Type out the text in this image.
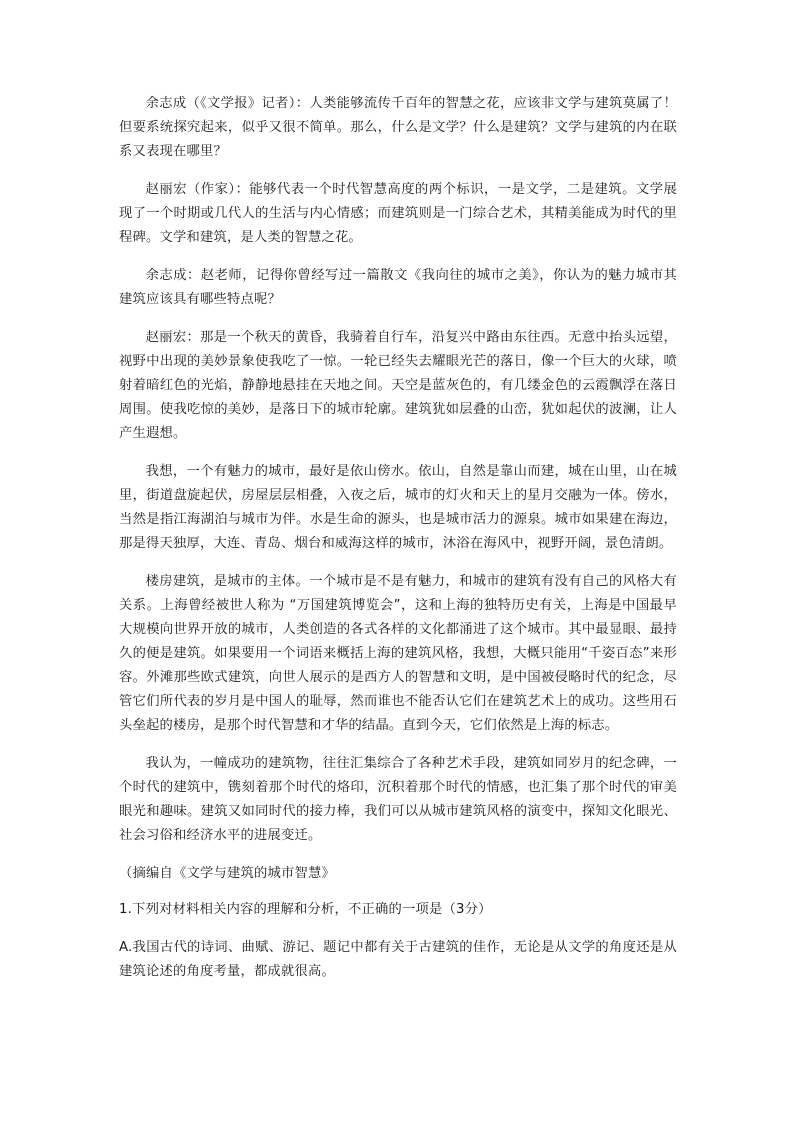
余志成（《文学报》记者）：人类能够流传千百年的智慧之花，应该非文学与建筑莫属了！但要系统探究起来，似乎又很不简单。那么，什么是文学？什么是建筑？文学与建筑的内在联系又表现在哪里？

赵丽宏（作家）：能够代表一个时代智慧高度的两个标识，一是文学，二是建筑。文学展现了一个时期或几代人的生活与内心情感；而建筑则是一门综合艺术，其精美能成为时代的里程碑。文学和建筑，是人类的智慧之花。

余志成：赵老师，记得你曾经写过一篇散文《我向往的城市之美》，你认为的魅力城市其建筑应该具有哪些特点呢？

赵丽宏：那是一个秋天的黄昏，我骑着自行车，沿复兴中路由东往西。无意中抬头远望，视野中出现的美妙景象使我吃了一惊。一轮已经失去耀眼光芒的落日，像一个巨大的火球，喷射着暗红色的光焰，静静地悬挂在天地之间。天空是蓝灰色的，有几缕金色的云霞飘浮在落日周围。使我吃惊的美妙，是落日下的城市轮廓。建筑犹如层叠的山峦，犹如起伏的波澜，让人产生遐想。

我想，一个有魅力的城市，最好是依山傍水。依山，自然是靠山而建，城在山里，山在城里，街道盘旋起伏，房屋层层相叠，入夜之后，城市的灯火和天上的星月交融为一体。傍水，当然是指江海湖泊与城市为伴。水是生命的源头，也是城市活力的源泉。城市如果建在海边，那是得天独厚，大连、青岛、烟台和威海这样的城市，沐浴在海风中，视野开阔，景色清朗。

楼房建筑，是城市的主体。一个城市是不是有魅力，和城市的建筑有没有自己的风格大有关系。上海曾经被世人称为 “万国建筑博览会”，这和上海的独特历史有关，上海是中国最早大规模向世界开放的城市，人类创造的各式各样的文化都涌进了这个城市。其中最显眼、最持久的便是建筑。如果要用一个词语来概括上海的建筑风格，我想，大概只能用“千姿百态”来形容。外滩那些欧式建筑，向世人展示的是西方人的智慧和文明，是中国被侵略时代的纪念，尽管它们所代表的岁月是中国人的耻辱，然而谁也不能否认它们在建筑艺术上的成功。这些用石头垒起的楼房，是那个时代智慧和才华的结晶。直到今天，它们依然是上海的标志。

我认为，一幢成功的建筑物，往往汇集综合了各种艺术手段，建筑如同岁月的纪念碑，一个时代的建筑中，镌刻着那个时代的烙印，沉积着那个时代的情感，也汇集了那个时代的审美眼光和趣味。建筑又如同时代的接力棒，我们可以从城市建筑风格的演变中，探知文化眼光、社会习俗和经济水平的进展变迁。

（摘编自《文学与建筑的城市智慧》

1.下列对材料相关内容的理解和分析，不正确的一项是（3分）

A.我国古代的诗词、曲赋、游记、题记中都有关于古建筑的佳作，无论是从文学的角度还是从建筑论述的角度考量，都成就很高。
